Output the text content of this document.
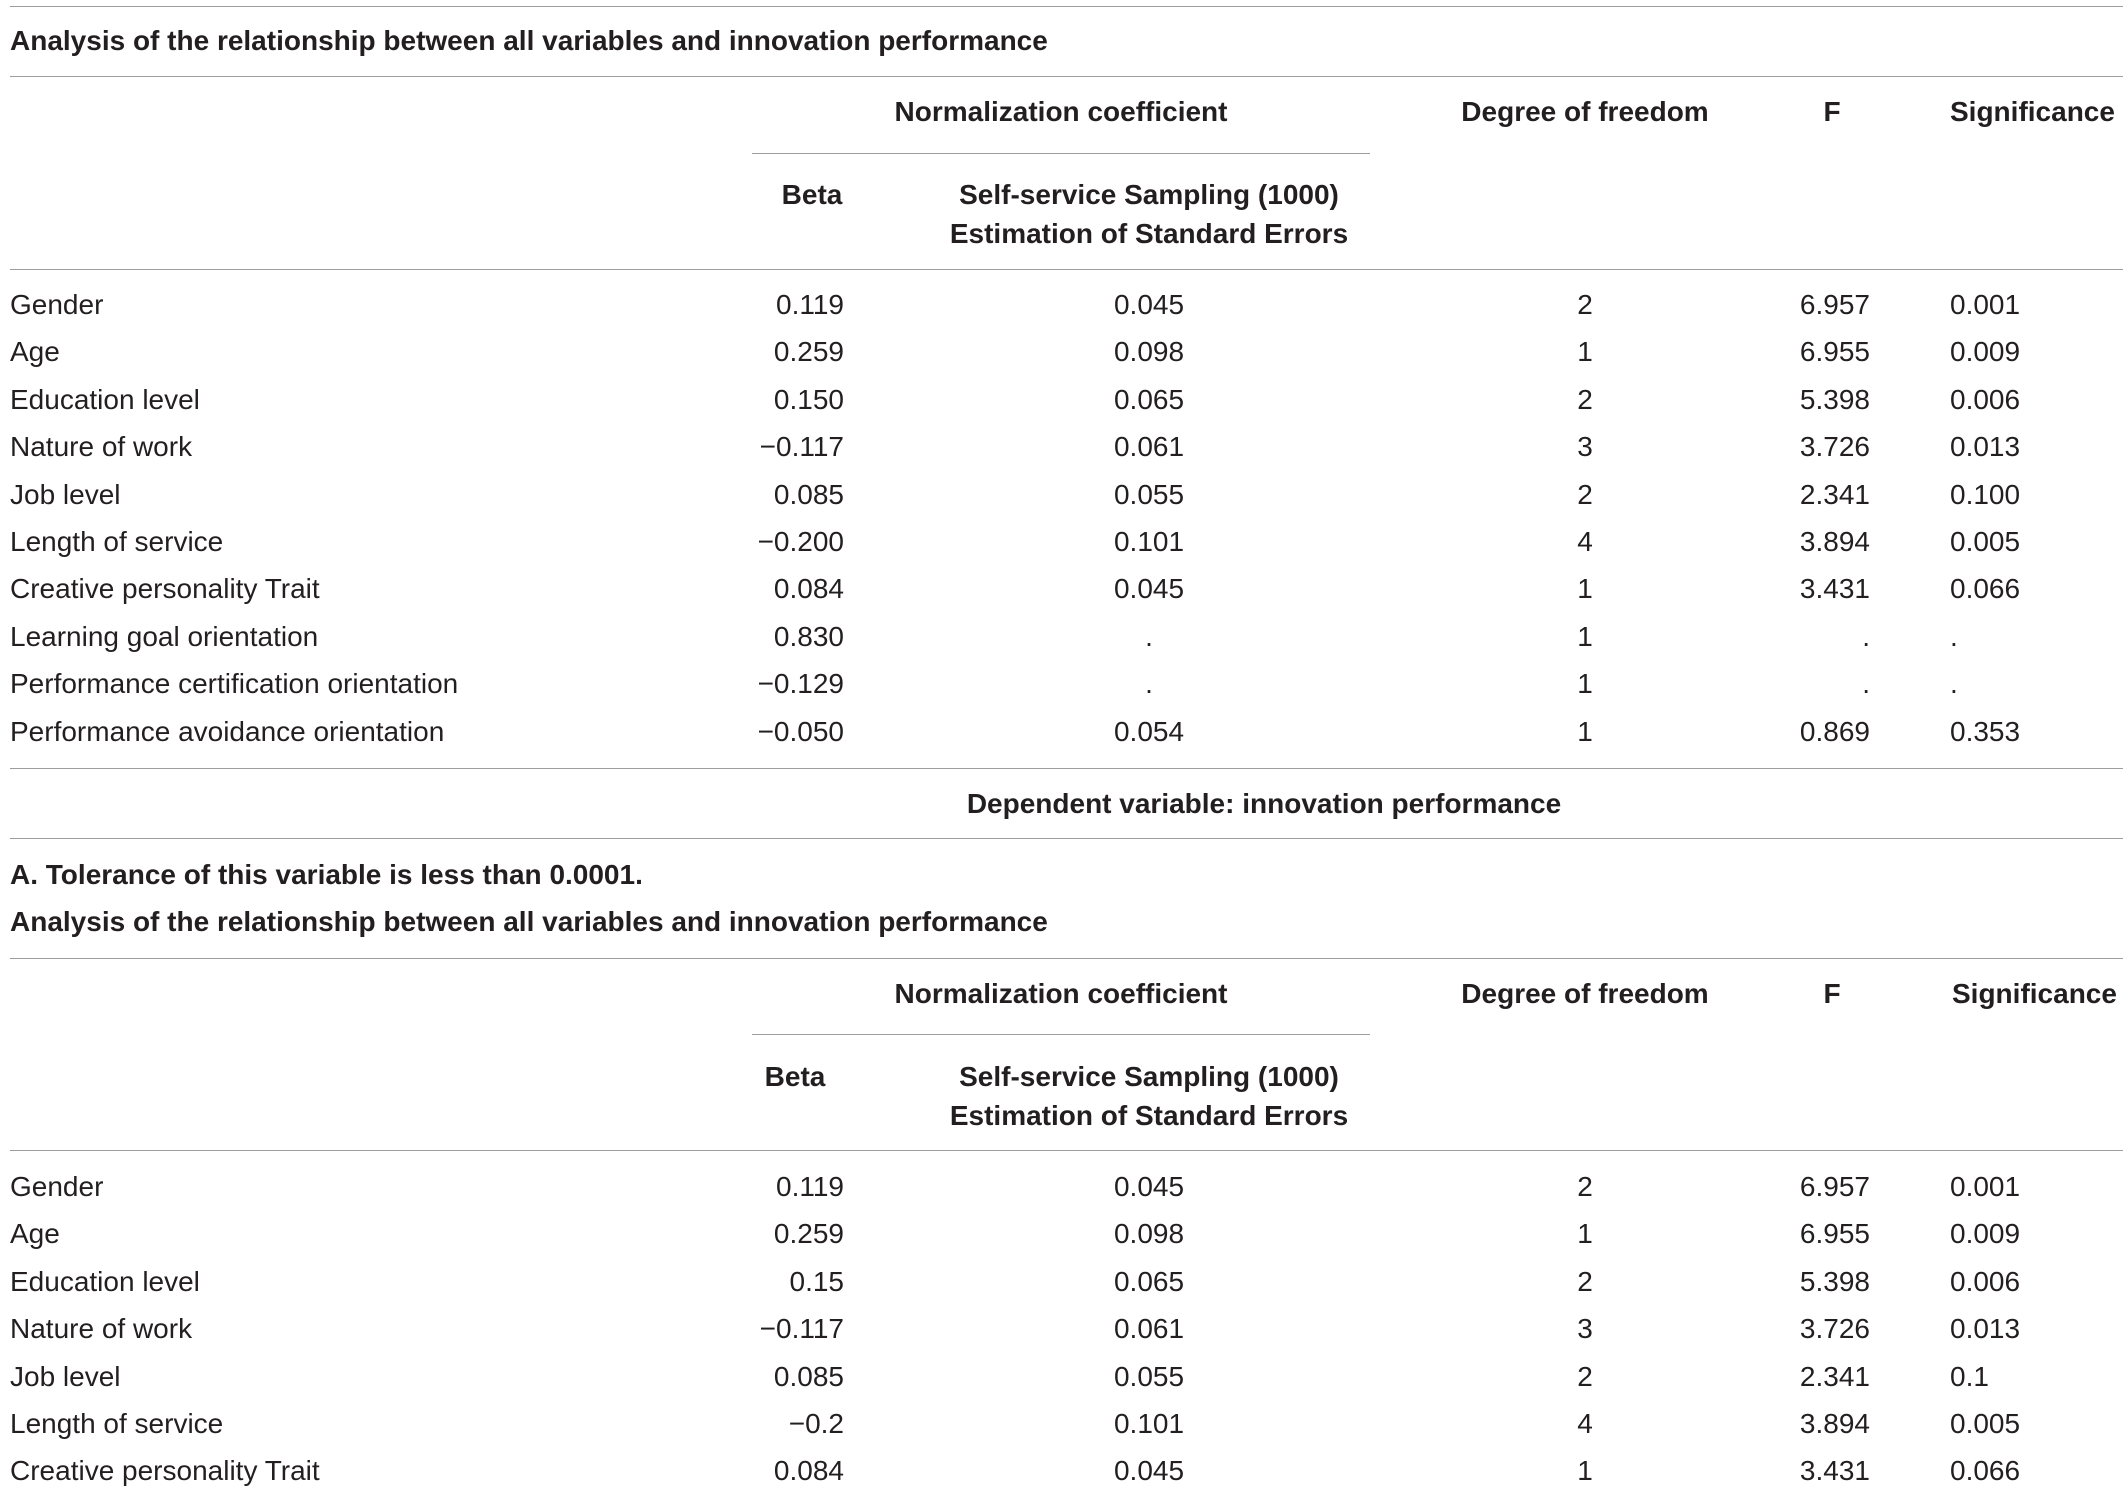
Analysis of the relationship between all variables and innovation performance
Normalization coefficient	Degree of freedom	F	Significance
Beta	Self-service Sampling (1000)
Estimation of Standard Errors
Gender	0.119	0.045	2	6.957	0.001
Age	0.259	0.098	1	6.955	0.009
Education level	0.150	0.065	2	5.398	0.006
Nature of work	−0.117	0.061	3	3.726	0.013
Job level	0.085	0.055	2	2.341	0.100
Length of service	−0.200	0.101	4	3.894	0.005
Creative personality Trait	0.084	0.045	1	3.431	0.066
Learning goal orientation	0.830	.	1	.	.
Performance certification orientation	−0.129	.	1	.	.
Performance avoidance orientation	−0.050	0.054	1	0.869	0.353
Dependent variable: innovation performance
A. Tolerance of this variable is less than 0.0001.
Analysis of the relationship between all variables and innovation performance
Normalization coefficient	Degree of freedom	F	Significance
Beta	Self-service Sampling (1000)
Estimation of Standard Errors
Gender	0.119	0.045	2	6.957	0.001
Age	0.259	0.098	1	6.955	0.009
Education level	0.15	0.065	2	5.398	0.006
Nature of work	−0.117	0.061	3	3.726	0.013
Job level	0.085	0.055	2	2.341	0.1
Length of service	−0.2	0.101	4	3.894	0.005
Creative personality Trait	0.084	0.045	1	3.431	0.066
